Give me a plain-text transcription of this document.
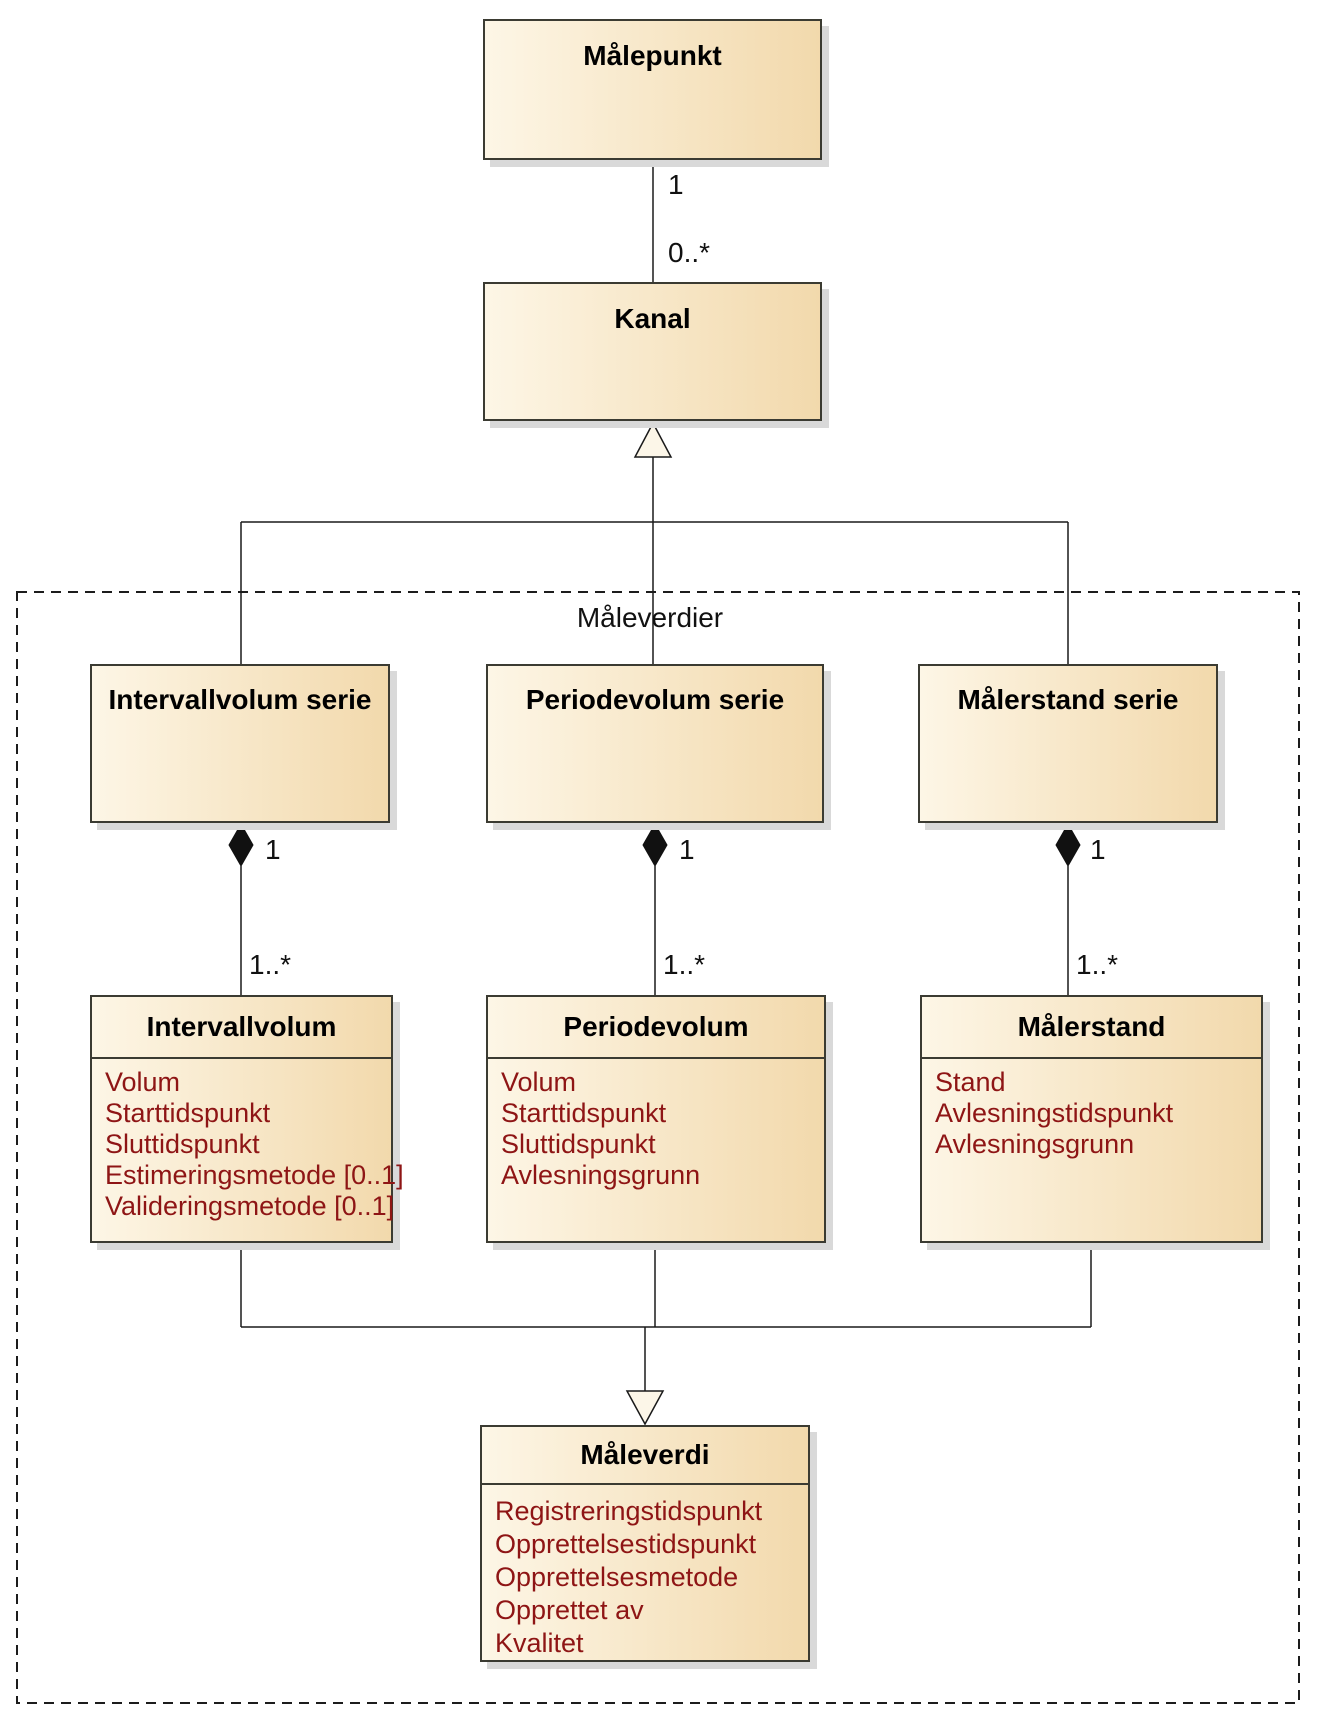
Måleverdier
1
0..*
1
1..*
1
1..*
1
1..*
Målepunkt
Kanal
Intervallvolum serie	Periodevolum serie	Målerstand serie
Intervallvolum
Volum
Starttidspunkt
Sluttidspunkt
Estimeringsmetode [0..1]
Valideringsmetode [0..1]
Periodevolum
Volum
Starttidspunkt
Sluttidspunkt
Avlesningsgrunn
Målerstand
Stand
Avlesningstidspunkt
Avlesningsgrunn
Måleverdi
Registreringstidspunkt
Opprettelsestidspunkt
Opprettelsesmetode
Opprettet av
Kvalitet
